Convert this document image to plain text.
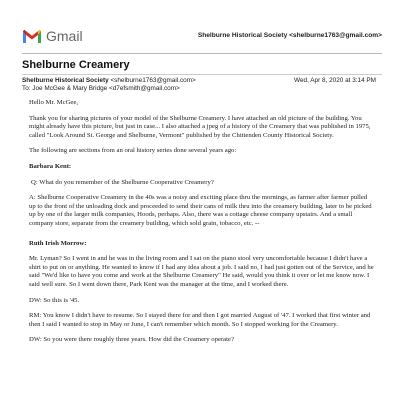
Gmail	Shelburne Historical Society <shelburne1763@gmail.com>
Shelburne Creamery
Shelburne Historical Society <shelburne1763@gmail.com>
To: Joe McGee & Mary Bridge <d7efsmith@gmail.com>
Wed, Apr 8, 2020 at 3:14 PM

Hello Mr. McGee,

Thank you for sharing pictures of your model of the Shelburne Creamery. I have attached an old picture of the building. You might already have this picture, but just in case... I also attached a jpeg of a history of the Creamery that was published in 1975, called "Look Around St. George and Shelburne, Vermont" published by the Chittenden County Historical Society.

The following are sections from an oral history series done several years ago:

Barbara Kent:

Q: What do you remember of the Shelburne Cooperative Creamery?

A: Shelburne Cooperative Creamery in the 40s was a noisy and exciting place thru the mornings, as farmer after farmer pulled up to the front of the unloading dock and proceeded to send their cans of milk thru into the creamery building, later to be picked up by one of the larger milk companies, Hoods, perhaps. Also, there was a cottage cheese company upstairs. And a small company store, separate from the creamery building, which sold grain, tobacco, etc. --

Ruth Irish Morrow:

Mr. Lyman? So I went in and he was in the living room and I sat on the piano stool very uncomfortable because I didn't have a shirt to put on or anything. He wanted to know if I had any idea about a job. I said no, I had just gotten out of the Service, and he said "We'd like to have you come and work at the Shelburne Creamery" He said, would you think it over or let me know now. I said well sure. So I went down there, Park Kent was the manager at the time, and I worked there.

DW: So this is '45.

RM: You know I didn't have to resume. So I stayed there for and then I got married August of '47. I worked that first winter and then I said I wanted to stop in May or June, I can't remember which month. So I stopped working for the Creamery.

DW: So you were there roughly three years. How did the Creamery operate?
